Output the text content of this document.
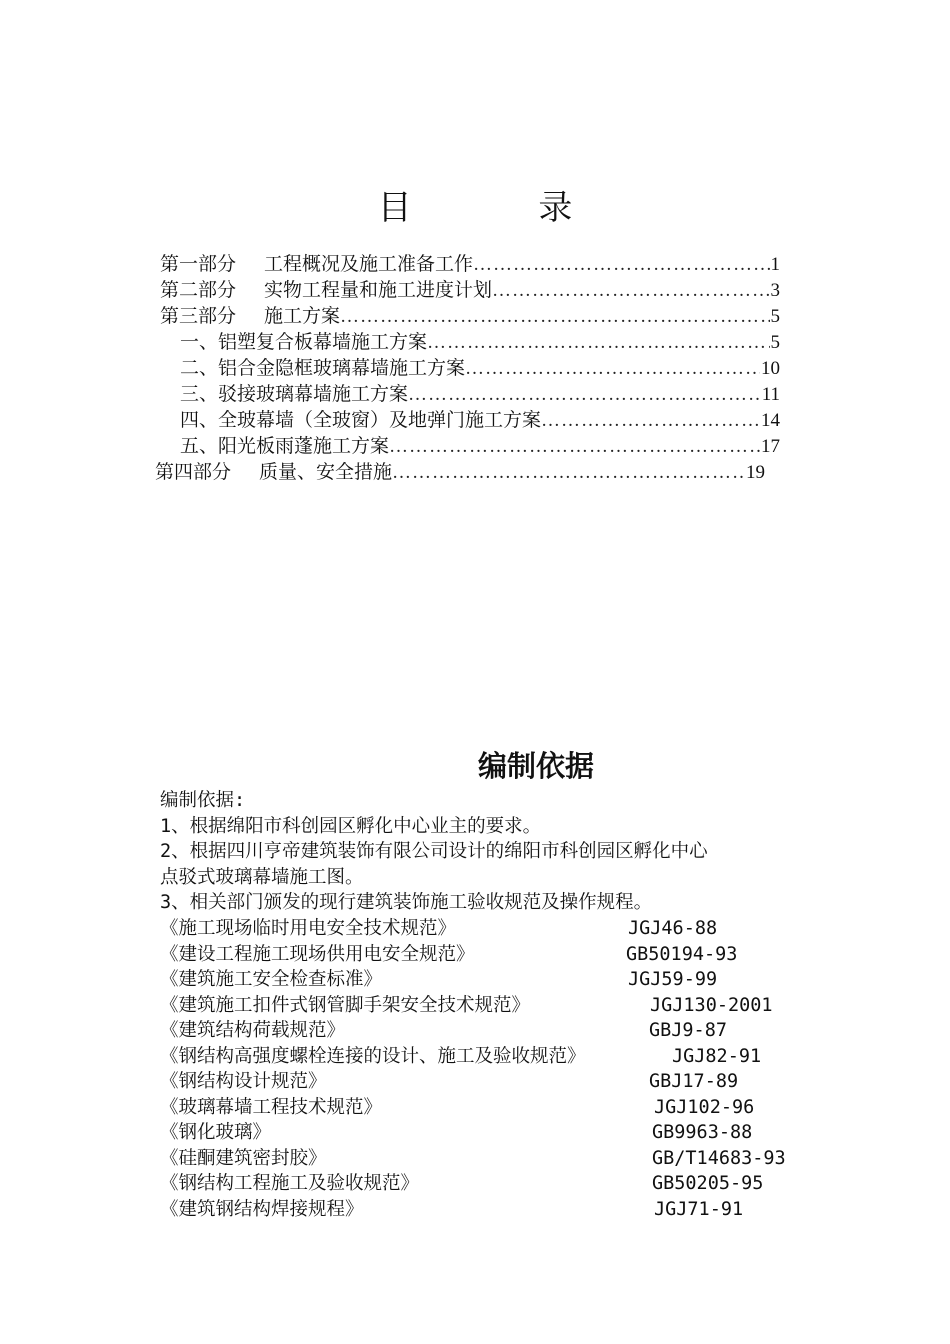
目 录
第一部分	工程概况及施工准备工作 …………………………………………………………………………………………………………………………………………	1
第二部分	实物工程量和施工进度计划 …………………………………………………………………………………………………………………………………………	3
第三部分	施工方案 …………………………………………………………………………………………………………………………………………	5
一、铝塑复合板幕墙施工方案 …………………………………………………………………………………………………………………………………………	5
二、铝合金隐框玻璃幕墙施工方案 …………………………………………………………………………………………………………………………………………	10
三、驳接玻璃幕墙施工方案 …………………………………………………………………………………………………………………………………………	11
四、全玻幕墙（全玻窗）及地弹门施工方案 …………………………………………………………………………………………………………………………………………	14
五、阳光板雨蓬施工方案 …………………………………………………………………………………………………………………………………………	17
第四部分	质量、安全措施 …………………………………………………………………………………………………………………………………………	19
编制依据
编制依据:
1、根据绵阳市科创园区孵化中心业主的要求。
2、根据四川亨帝建筑装饰有限公司设计的绵阳市科创园区孵化中心
点驳式玻璃幕墙施工图。
3、相关部门颁发的现行建筑装饰施工验收规范及操作规程。
《施工现场临时用电安全技术规范》	JGJ46-88
《建设工程施工现场供用电安全规范》	GB50194-93
《建筑施工安全检查标准》	JGJ59-99
《建筑施工扣件式钢管脚手架安全技术规范》	JGJ130-2001
《建筑结构荷载规范》	GBJ9-87
《钢结构高强度螺栓连接的设计、施工及验收规范》	JGJ82-91
《钢结构设计规范》	GBJ17-89
《玻璃幕墙工程技术规范》	JGJ102-96
《钢化玻璃》	GB9963-88
《硅酮建筑密封胶》	GB/T14683-93
《钢结构工程施工及验收规范》	GB50205-95
《建筑钢结构焊接规程》	JGJ71-91
